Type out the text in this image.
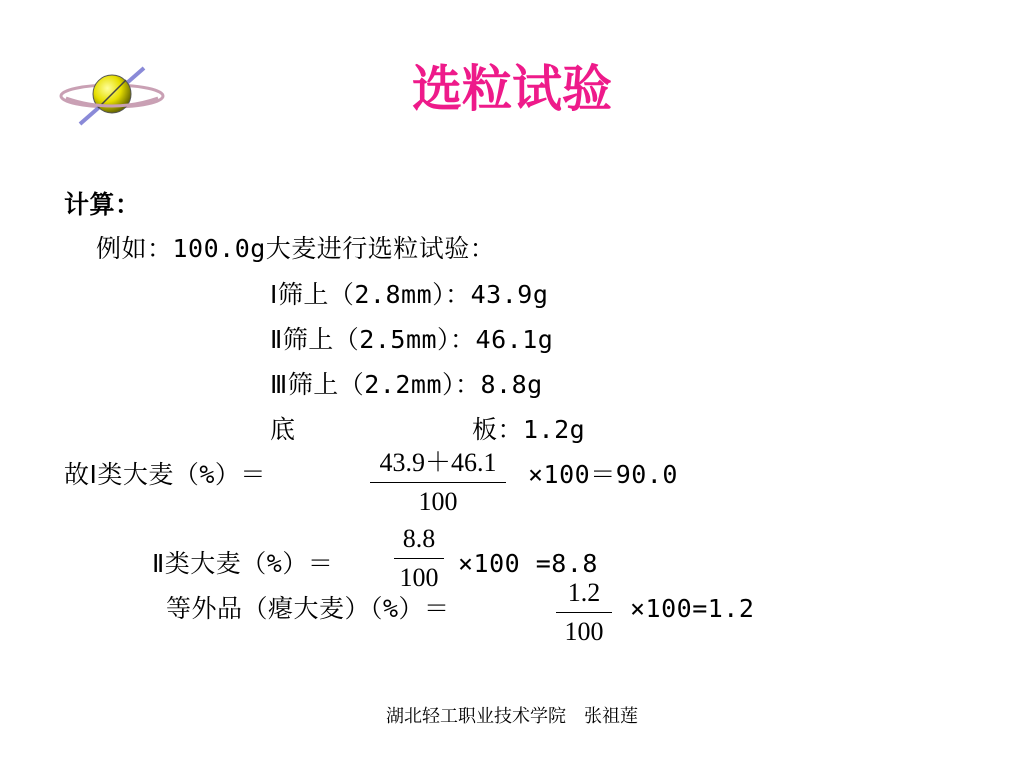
选粒试验
计算：
例如：100.0g大麦进行选粒试验：
Ⅰ筛上（2.8mm）：43.9g
Ⅱ筛上（2.5mm）：46.1g
Ⅲ筛上（2.2mm）：8.8g
底	板：1.2g
故Ⅰ类大麦（%）＝	43.9＋46.1
100
×100＝90.0
Ⅱ类大麦（%）＝
8.8
100 ×100 =8.8
等外品（瘪大麦）（%）＝
1.2
100
×100=1.2
湖北轻工职业技术学院　张祖莲
